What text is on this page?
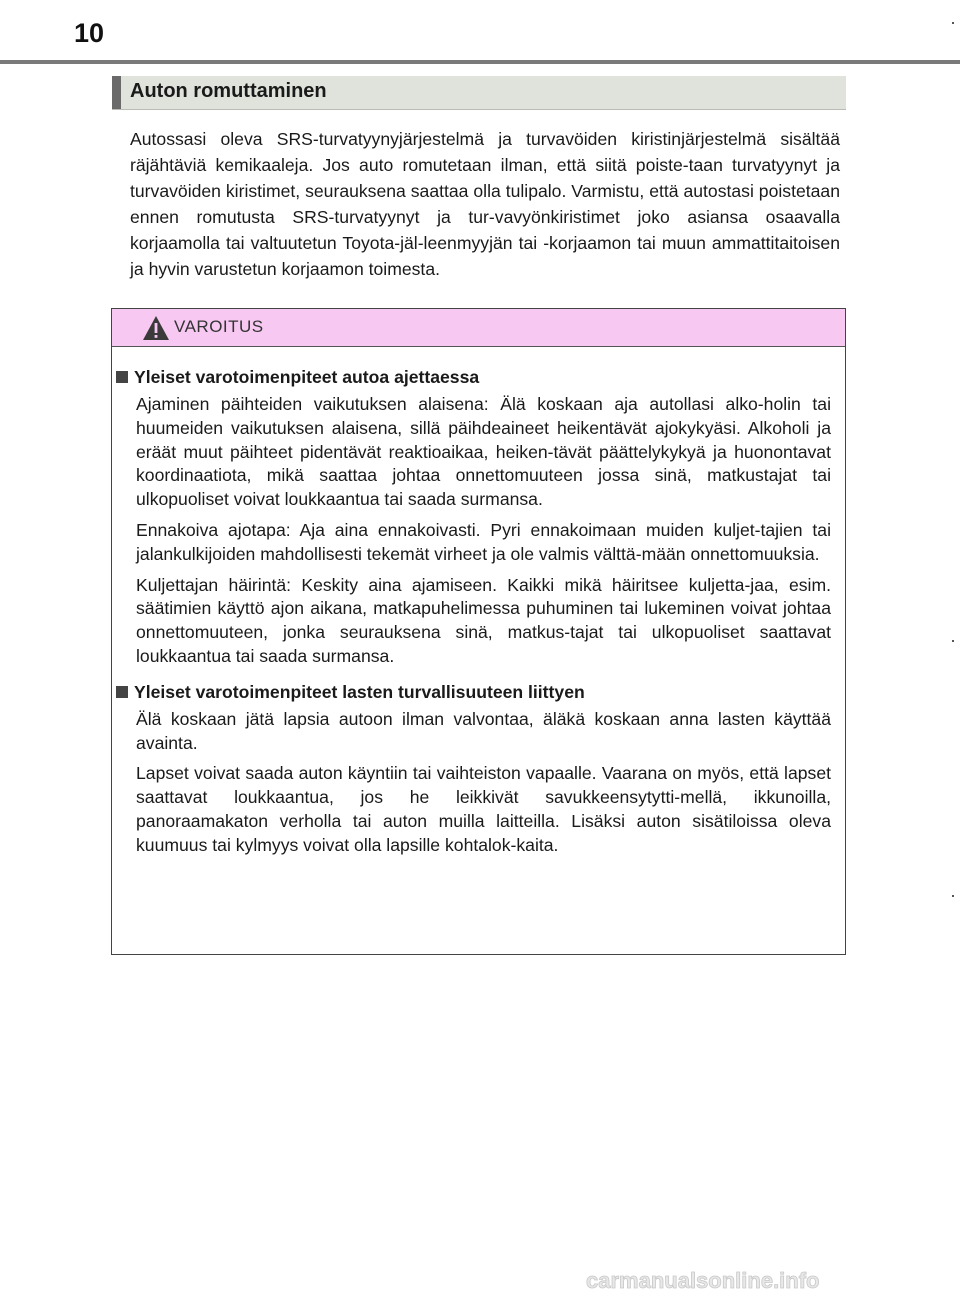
10
Auton romuttaminen

Autossasi oleva SRS-turvatyynyjärjestelmä ja turvavöiden kiristinjärjestelmä sisältää räjähtäviä kemikaaleja. Jos auto romutetaan ilman, että siitä poiste-taan turvatyynyt ja turvavöiden kiristimet, seurauksena saattaa olla tulipalo. Varmistu, että autostasi poistetaan ennen romutusta SRS-turvatyynyt ja tur-vavyönkiristimet joko asiansa osaavalla korjaamolla tai valtuutetun Toyota-jäl-leenmyyjän tai -korjaamon tai muun ammattitaitoisen ja hyvin varustetun korjaamon toimesta.

VAROITUS

Yleiset varotoimenpiteet autoa ajettaessa

Ajaminen päihteiden vaikutuksen alaisena: Älä koskaan aja autollasi alko-holin tai huumeiden vaikutuksen alaisena, sillä päihdeaineet heikentävät ajokykyäsi. Alkoholi ja eräät muut päihteet pidentävät reaktioaikaa, heiken-tävät päättelykykyä ja huonontavat koordinaatiota, mikä saattaa johtaa onnettomuuteen jossa sinä, matkustajat tai ulkopuoliset voivat loukkaantua tai saada surmansa.

Ennakoiva ajotapa: Aja aina ennakoivasti. Pyri ennakoimaan muiden kuljet-tajien tai jalankulkijoiden mahdollisesti tekemät virheet ja ole valmis välttä-mään onnettomuuksia.

Kuljettajan häirintä: Keskity aina ajamiseen. Kaikki mikä häiritsee kuljetta-jaa, esim. säätimien käyttö ajon aikana, matkapuhelimessa puhuminen tai lukeminen voivat johtaa onnettomuuteen, jonka seurauksena sinä, matkus-tajat tai ulkopuoliset saattavat loukkaantua tai saada surmansa.

Yleiset varotoimenpiteet lasten turvallisuuteen liittyen

Älä koskaan jätä lapsia autoon ilman valvontaa, äläkä koskaan anna lasten käyttää avainta.

Lapset voivat saada auton käyntiin tai vaihteiston vapaalle. Vaarana on myös, että lapset saattavat loukkaantua, jos he leikkivät savukkeensytytti-mellä, ikkunoilla, panoraamakaton verholla tai auton muilla laitteilla. Lisäksi auton sisätiloissa oleva kuumuus tai kylmyys voivat olla lapsille kohtalok-kaita.

carmanualsonline.info
